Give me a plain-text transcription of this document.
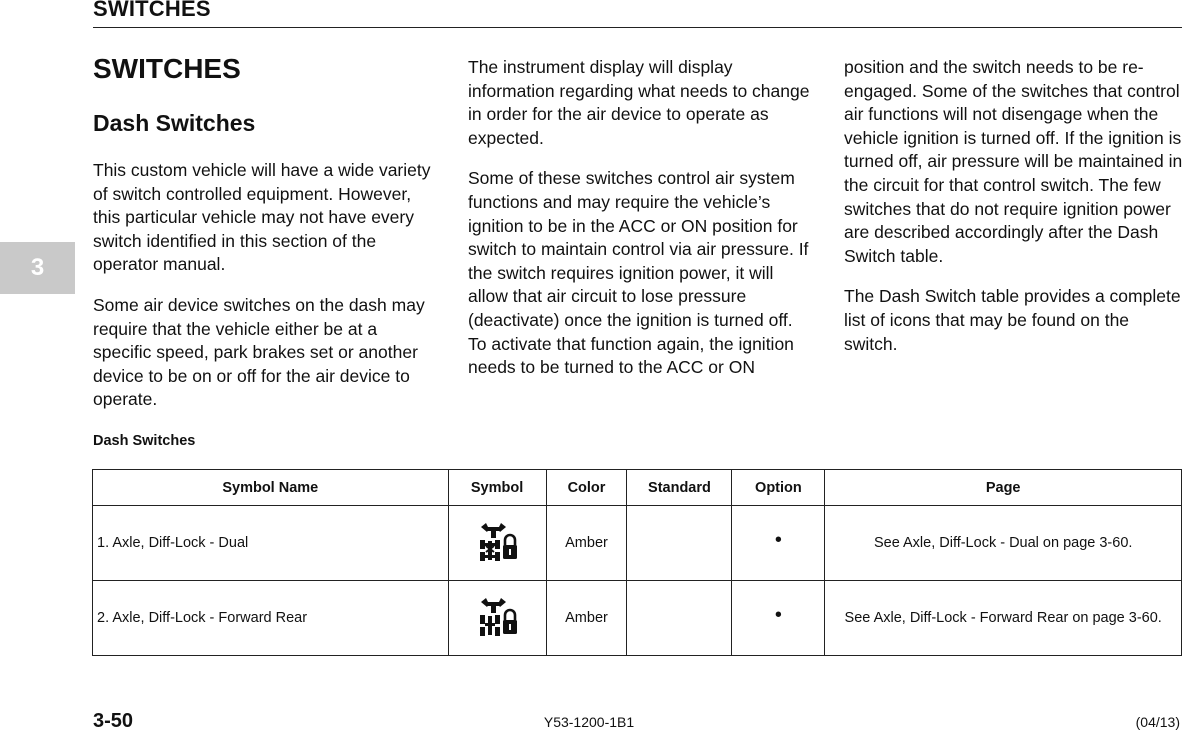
SWITCHES
3
SWITCHES
Dash Switches

This custom vehicle will have a wide variety of switch controlled equipment. However, this particular vehicle may not have every switch identified in this section of the operator manual.

Some air device switches on the dash may require that the vehicle either be at a specific speed, park brakes set or another device to be on or off for the air device to operate.

The instrument display will display information regarding what needs to change in order for the air device to operate as expected.

Some of these switches control air system functions and may require the vehicle’s ignition to be in the ACC or ON position for switch to maintain control via air pressure. If the switch requires ignition power, it will allow that air circuit to lose pressure (deactivate) once the ignition is turned off. To activate that function again, the ignition needs to be turned to the ACC or ON

position and the switch needs to be re-engaged. Some of the switches that control air functions will not disengage when the vehicle ignition is turned off. If the ignition is turned off, air pressure will be maintained in the circuit for that control switch. The few switches that do not require ignition power are described accordingly after the Dash Switch table.

The Dash Switch table provides a complete list of icons that may be found on the switch.

Dash Switches
Symbol Name	Symbol	Color	Standard	Option	Page
1. Axle, Diff-Lock - Dual		Amber		•	See Axle, Diff-Lock - Dual on page 3-60.
2. Axle, Diff-Lock - Forward Rear		Amber		•	See Axle, Diff-Lock - Forward Rear on page 3-60.
3-50	Y53-1200-1B1	(04/13)
